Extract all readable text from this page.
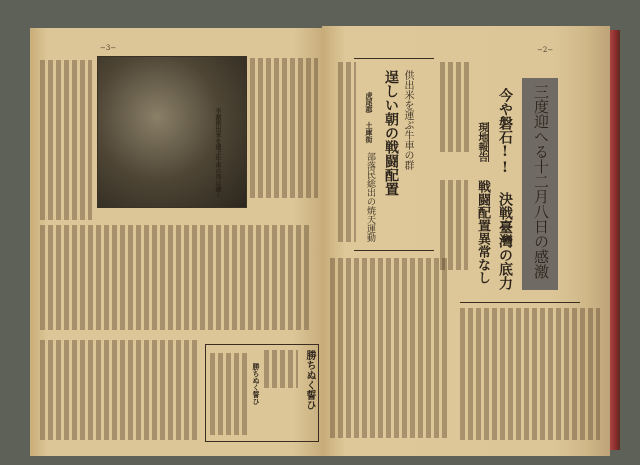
−3−
半割供出米を運ぶ牛車の列は續く
勝ちぬく誓ひ
勝ちぬく誓ひ
供出米を運ぶ牛車の群
逞しい朝の戦闘配置
虎尾郡 土庫街
部落民総出の焼天運動
−2−
三度迎へる十二月八日の感激
今や磐石!! 決戦臺灣の底力
現地報告
戦闘配置異常なし
